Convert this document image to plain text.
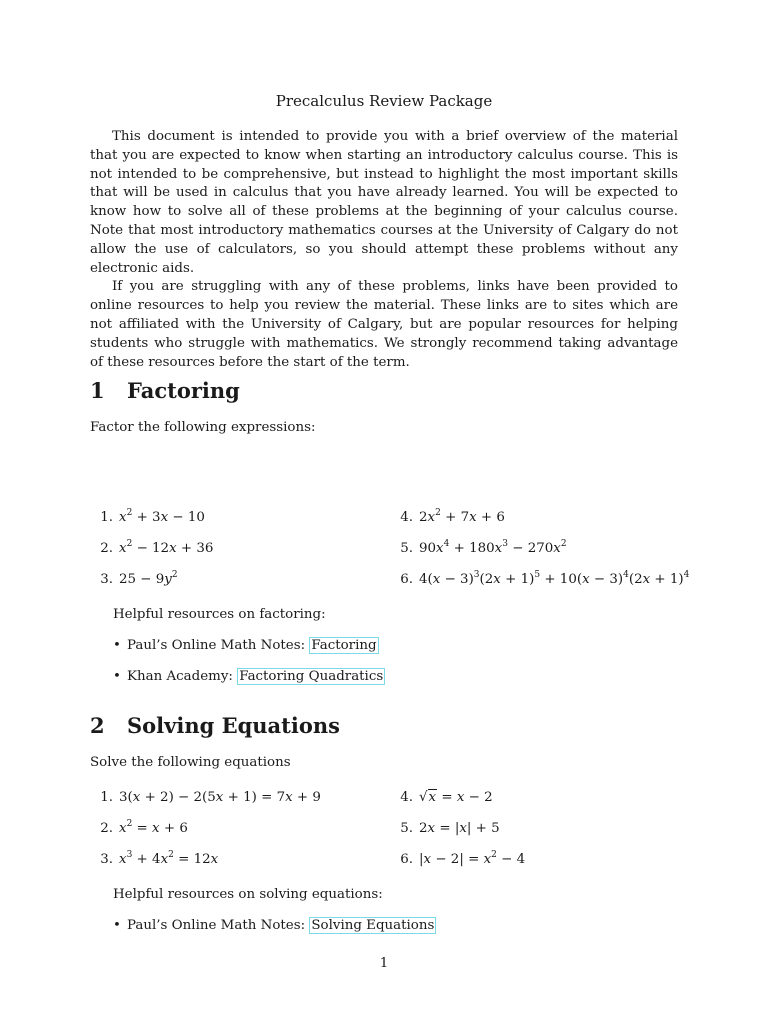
Precalculus Review Package

This document is intended to provide you with a brief overview of the material that you are expected to know when starting an introductory calculus course. This is not intended to be comprehensive, but instead to highlight the most important skills that will be used in calculus that you have already learned. You will be expected to know how to solve all of these problems at the beginning of your calculus course. Note that most introductory mathematics courses at the University of Calgary do not allow the use of calculators, so you should attempt these problems without any electronic aids.

If you are struggling with any of these problems, links have been provided to online resources to help you review the material. These links are to sites which are not affiliated with the University of Calgary, but are popular resources for helping students who struggle with mathematics. We strongly recommend taking advantage of these resources before the start of the term.

1 Factoring
Factor the following expressions:
1. $x^2 + 3x - 10$
2. $x^2 - 12x + 36$
3. $25 - 9y^2$
4. $2x^2 + 7x + 6$
5. $90x^4 + 180x^3 - 270x^2$
6. $4(x - 3)^3(2x + 1)^5 + 10(x - 3)^4(2x + 1)^4$
Helpful resources on factoring:
• Paul’s Online Math Notes: Factoring
• Khan Academy: Factoring Quadratics
2 Solving Equations
Solve the following equations
1. 3(x + 2) − 2(5x + 1) = 7x + 9
2. $x^2 = x + 6$
3. $x^3 + 4x^2 = 12x$
4. √x = x − 2
5. 2x = |x| + 5
6. $|x - 2| = x^2 - 4$
Helpful resources on solving equations:
• Paul’s Online Math Notes: Solving Equations
1
